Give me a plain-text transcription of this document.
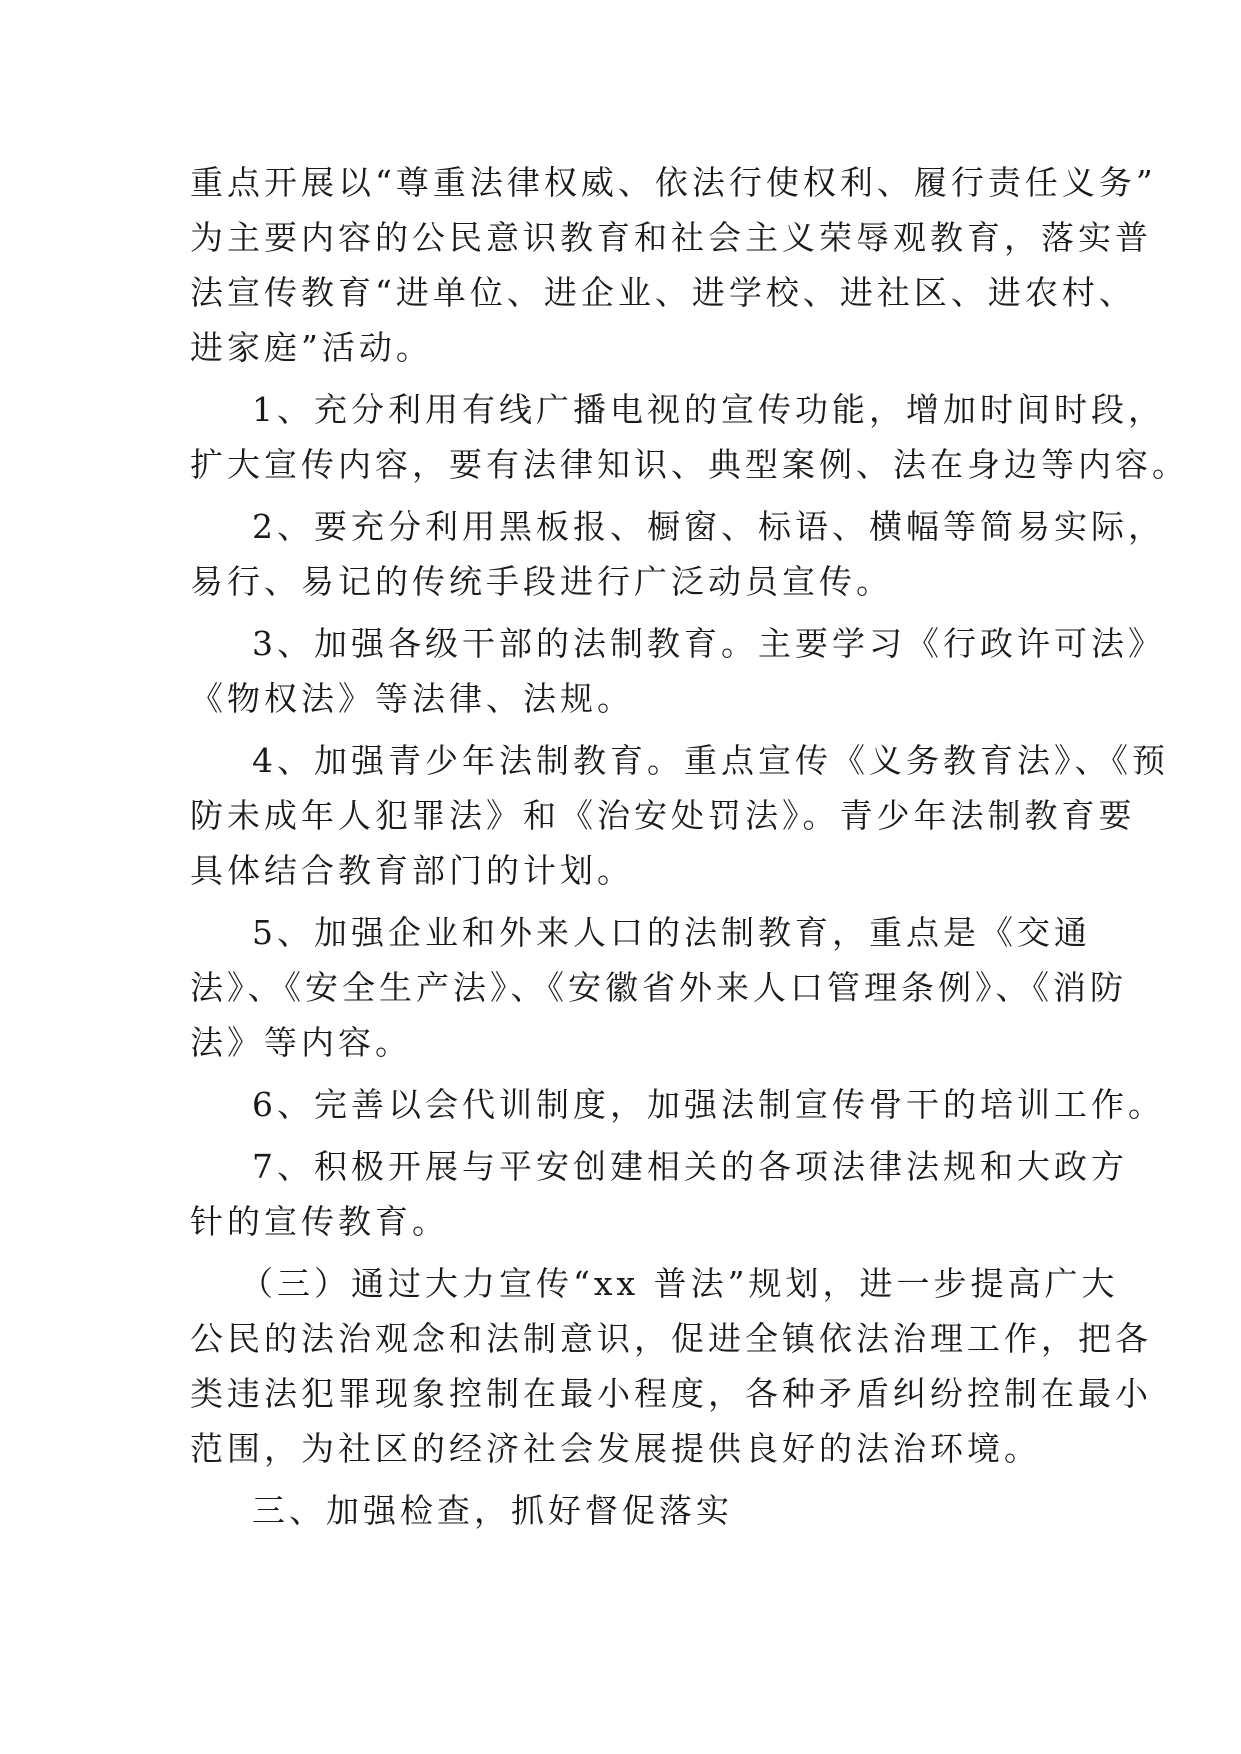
重点开展以“尊重法律权威、依法行使权利、履行责任义务”
为主要内容的公民意识教育和社会主义荣辱观教育，落实普
法宣传教育“进单位、进企业、进学校、进社区、进农村、
进家庭”活动。
1、充分利用有线广播电视的宣传功能，增加时间时段，
扩大宣传内容，要有法律知识、典型案例、法在身边等内容。
2、要充分利用黑板报、橱窗、标语、横幅等简易实际，
易行、易记的传统手段进行广泛动员宣传。
3、加强各级干部的法制教育。主要学习《行政许可法》
《物权法》等法律、法规。
4、加强青少年法制教育。重点宣传《义务教育法》、《预
防未成年人犯罪法》和《治安处罚法》。青少年法制教育要
具体结合教育部门的计划。
5、加强企业和外来人口的法制教育，重点是《交通
法》、《安全生产法》、《安徽省外来人口管理条例》、《消防
法》等内容。
6、完善以会代训制度，加强法制宣传骨干的培训工作。
7、积极开展与平安创建相关的各项法律法规和大政方
针的宣传教育。
（三）通过大力宣传“xx 普法”规划，进一步提高广大
公民的法治观念和法制意识，促进全镇依法治理工作，把各
类违法犯罪现象控制在最小程度，各种矛盾纠纷控制在最小
范围，为社区的经济社会发展提供良好的法治环境。
三、加强检查，抓好督促落实
